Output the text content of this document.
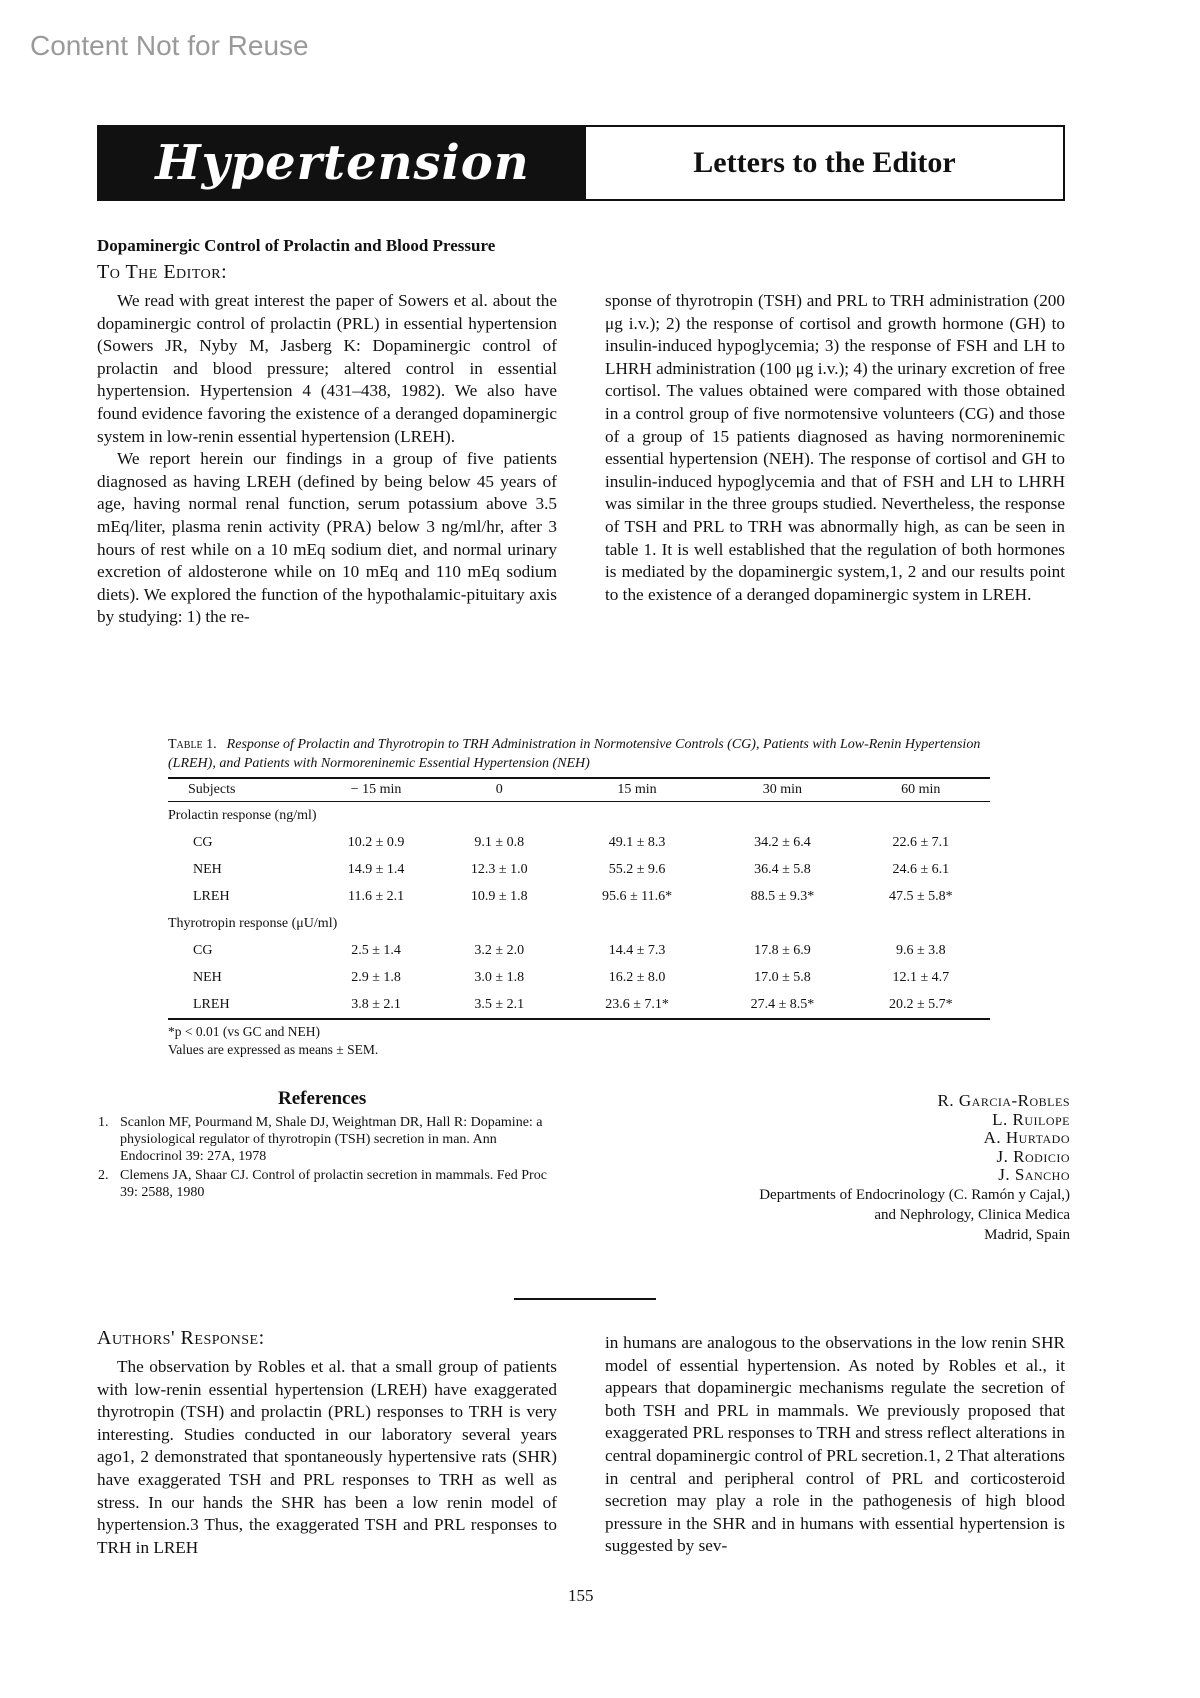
Content Not for Reuse
Hypertension	Letters to the Editor
Dopaminergic Control of Prolactin and Blood Pressure
To The Editor:

We read with great interest the paper of Sowers et al. about the dopaminergic control of prolactin (PRL) in essential hypertension (Sowers JR, Nyby M, Jasberg K: Dopaminergic control of prolactin and blood pressure; altered control in essential hypertension. Hypertension 4 (431–438, 1982). We also have found evidence favoring the existence of a deranged dopaminergic system in low-renin essential hypertension (LREH).

We report herein our findings in a group of five patients diagnosed as having LREH (defined by being below 45 years of age, having normal renal function, serum potassium above 3.5 mEq/liter, plasma renin activity (PRA) below 3 ng/ml/hr, after 3 hours of rest while on a 10 mEq sodium diet, and normal urinary excretion of aldosterone while on 10 mEq and 110 mEq sodium diets). We explored the function of the hypothalamic-pituitary axis by studying: 1) the re-

sponse of thyrotropin (TSH) and PRL to TRH administration (200 μg i.v.); 2) the response of cortisol and growth hormone (GH) to insulin-induced hypoglycemia; 3) the response of FSH and LH to LHRH administration (100 μg i.v.); 4) the urinary excretion of free cortisol. The values obtained were compared with those obtained in a control group of five normotensive volunteers (CG) and those of a group of 15 patients diagnosed as having normoreninemic essential hypertension (NEH). The response of cortisol and GH to insulin-induced hypoglycemia and that of FSH and LH to LHRH was similar in the three groups studied. Nevertheless, the response of TSH and PRL to TRH was abnormally high, as can be seen in table 1. It is well established that the regulation of both hormones is mediated by the dopaminergic system,1, 2 and our results point to the existence of a deranged dopaminergic system in LREH.

Table 1. Response of Prolactin and Thyrotropin to TRH Administration in Normotensive Controls (CG), Patients with Low-Renin Hypertension (LREH), and Patients with Normoreninemic Essential Hypertension (NEH)
Subjects	− 15 min	0	15 min	30 min	60 min
Prolactin response (ng/ml)					
CG	10.2 ± 0.9	9.1 ± 0.8	49.1 ± 8.3	34.2 ± 6.4	22.6 ± 7.1
NEH	14.9 ± 1.4	12.3 ± 1.0	55.2 ± 9.6	36.4 ± 5.8	24.6 ± 6.1
LREH	11.6 ± 2.1	10.9 ± 1.8	95.6 ± 11.6*	88.5 ± 9.3*	47.5 ± 5.8*
Thyrotropin response (μU/ml)					
CG	2.5 ± 1.4	3.2 ± 2.0	14.4 ± 7.3	17.8 ± 6.9	9.6 ± 3.8
NEH	2.9 ± 1.8	3.0 ± 1.8	16.2 ± 8.0	17.0 ± 5.8	12.1 ± 4.7
LREH	3.8 ± 2.1	3.5 ± 2.1	23.6 ± 7.1*	27.4 ± 8.5*	20.2 ± 5.7*
*p < 0.01 (vs GC and NEH)
Values are expressed as means ± SEM.
References
1. Scanlon MF, Pourmand M, Shale DJ, Weightman DR, Hall R: Dopamine: a physiological regulator of thyrotropin (TSH) secretion in man. Ann Endocrinol 39: 27A, 1978
2. Clemens JA, Shaar CJ. Control of prolactin secretion in mammals. Fed Proc 39: 2588, 1980
R. Garcia-Robles
L. Ruilope
A. Hurtado
J. Rodicio
J. Sancho
Departments of Endocrinology (C. Ramón y Cajal,)
and Nephrology, Clinica Medica
Madrid, Spain
Authors' Response:

The observation by Robles et al. that a small group of patients with low-renin essential hypertension (LREH) have exaggerated thyrotropin (TSH) and prolactin (PRL) responses to TRH is very interesting. Studies conducted in our laboratory several years ago1, 2 demonstrated that spontaneously hypertensive rats (SHR) have exaggerated TSH and PRL responses to TRH as well as stress. In our hands the SHR has been a low renin model of hypertension.3 Thus, the exaggerated TSH and PRL responses to TRH in LREH

in humans are analogous to the observations in the low renin SHR model of essential hypertension. As noted by Robles et al., it appears that dopaminergic mechanisms regulate the secretion of both TSH and PRL in mammals. We previously proposed that exaggerated PRL responses to TRH and stress reflect alterations in central dopaminergic control of PRL secretion.1, 2 That alterations in central and peripheral control of PRL and corticosteroid secretion may play a role in the pathogenesis of high blood pressure in the SHR and in humans with essential hypertension is suggested by sev-

155
